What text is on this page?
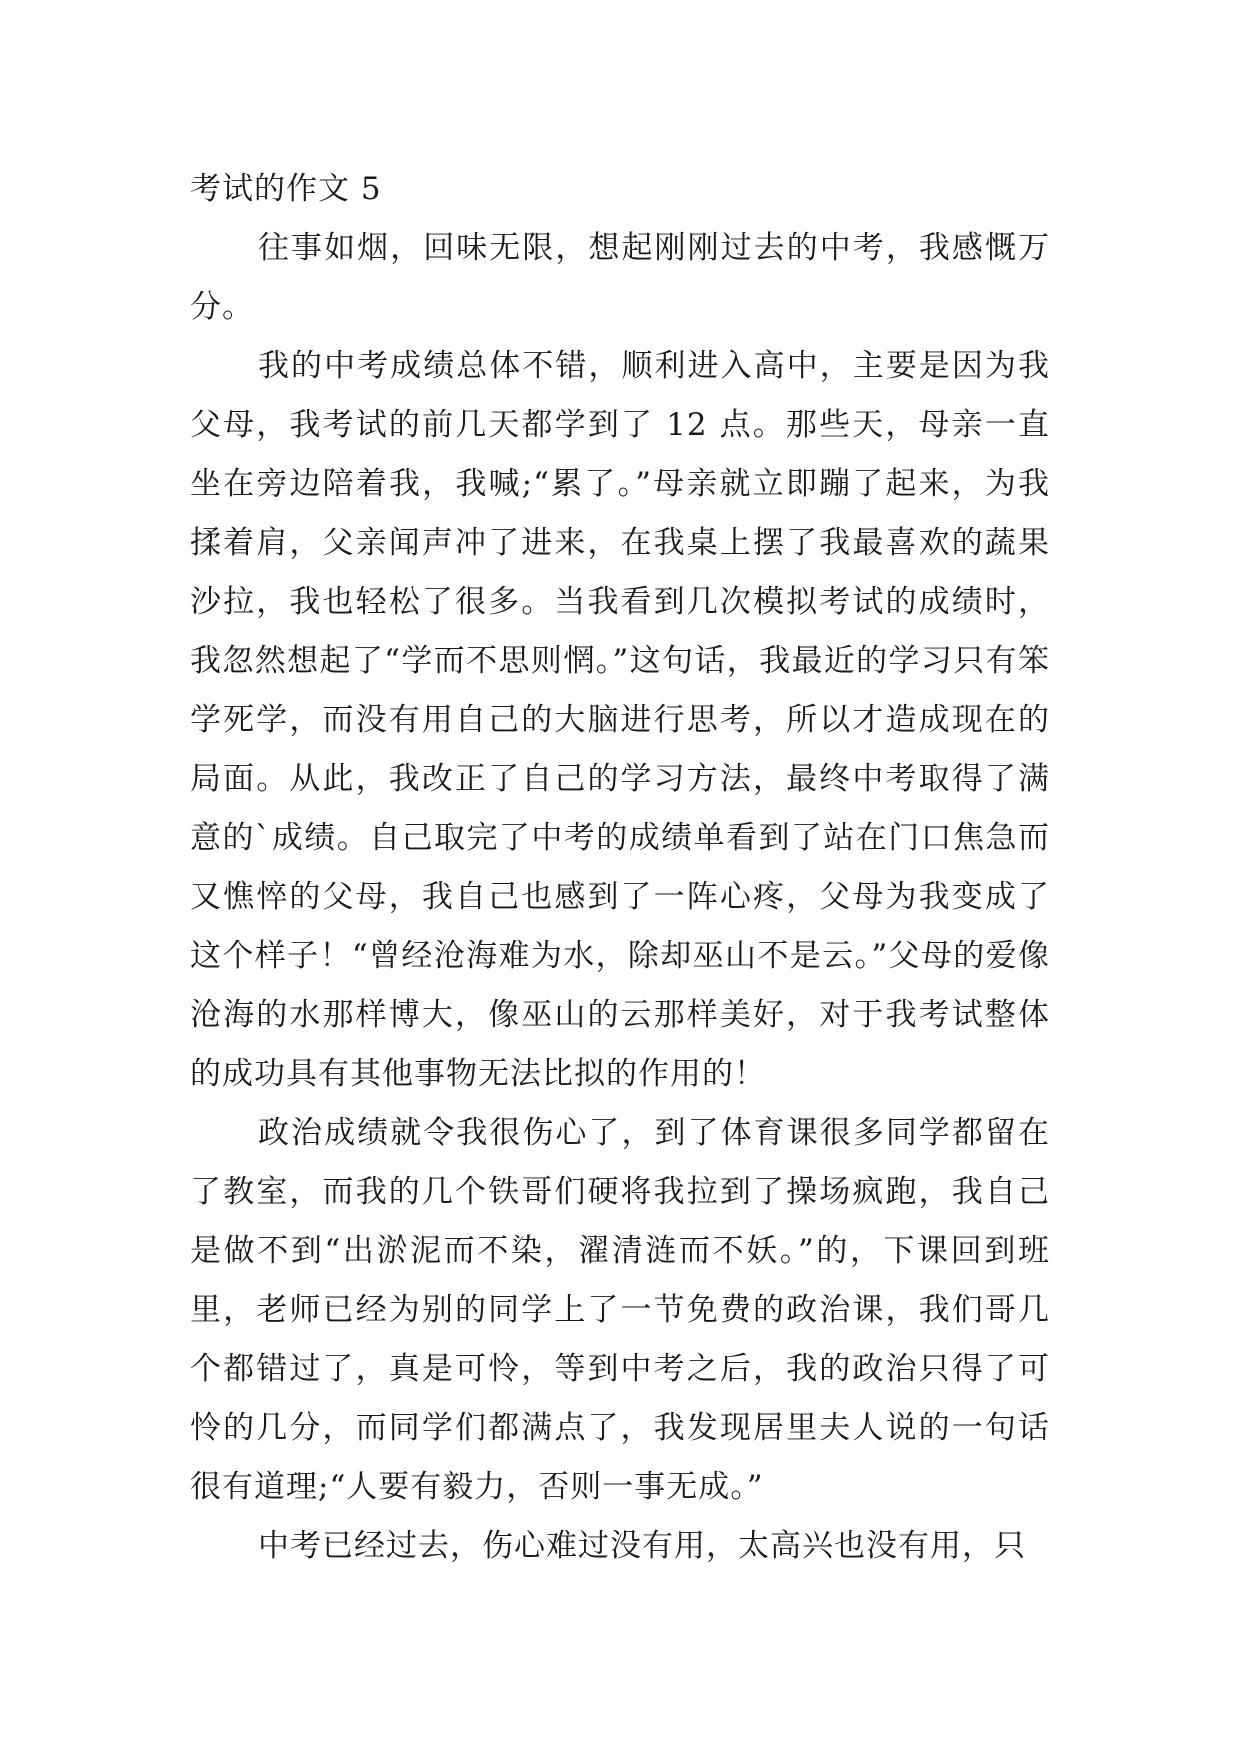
考试的作文 5

往事如烟，回味无限，想起刚刚过去的中考，我感慨万分。

我的中考成绩总体不错，顺利进入高中，主要是因为我父母，我考试的前几天都学到了 12 点。那些天，母亲一直坐在旁边陪着我，我喊;“累了。”母亲就立即蹦了起来，为我揉着肩，父亲闻声冲了进来，在我桌上摆了我最喜欢的蔬果沙拉，我也轻松了很多。当我看到几次模拟考试的成绩时，我忽然想起了“学而不思则惘。”这句话，我最近的学习只有笨学死学，而没有用自己的大脑进行思考，所以才造成现在的局面。从此，我改正了自己的学习方法，最终中考取得了满意的`成绩。自己取完了中考的成绩单看到了站在门口焦急而又憔悴的父母，我自己也感到了一阵心疼，父母为我变成了这个样子！“曾经沧海难为水，除却巫山不是云。”父母的爱像沧海的水那样博大，像巫山的云那样美好，对于我考试整体的成功具有其他事物无法比拟的作用的！

政治成绩就令我很伤心了，到了体育课很多同学都留在了教室，而我的几个铁哥们硬将我拉到了操场疯跑，我自己是做不到“出淤泥而不染，濯清涟而不妖。”的，下课回到班里，老师已经为别的同学上了一节免费的政治课，我们哥几个都错过了，真是可怜，等到中考之后，我的政治只得了可怜的几分，而同学们都满点了，我发现居里夫人说的一句话很有道理;“人要有毅力，否则一事无成。”

中考已经过去，伤心难过没有用，太高兴也没有用，只
